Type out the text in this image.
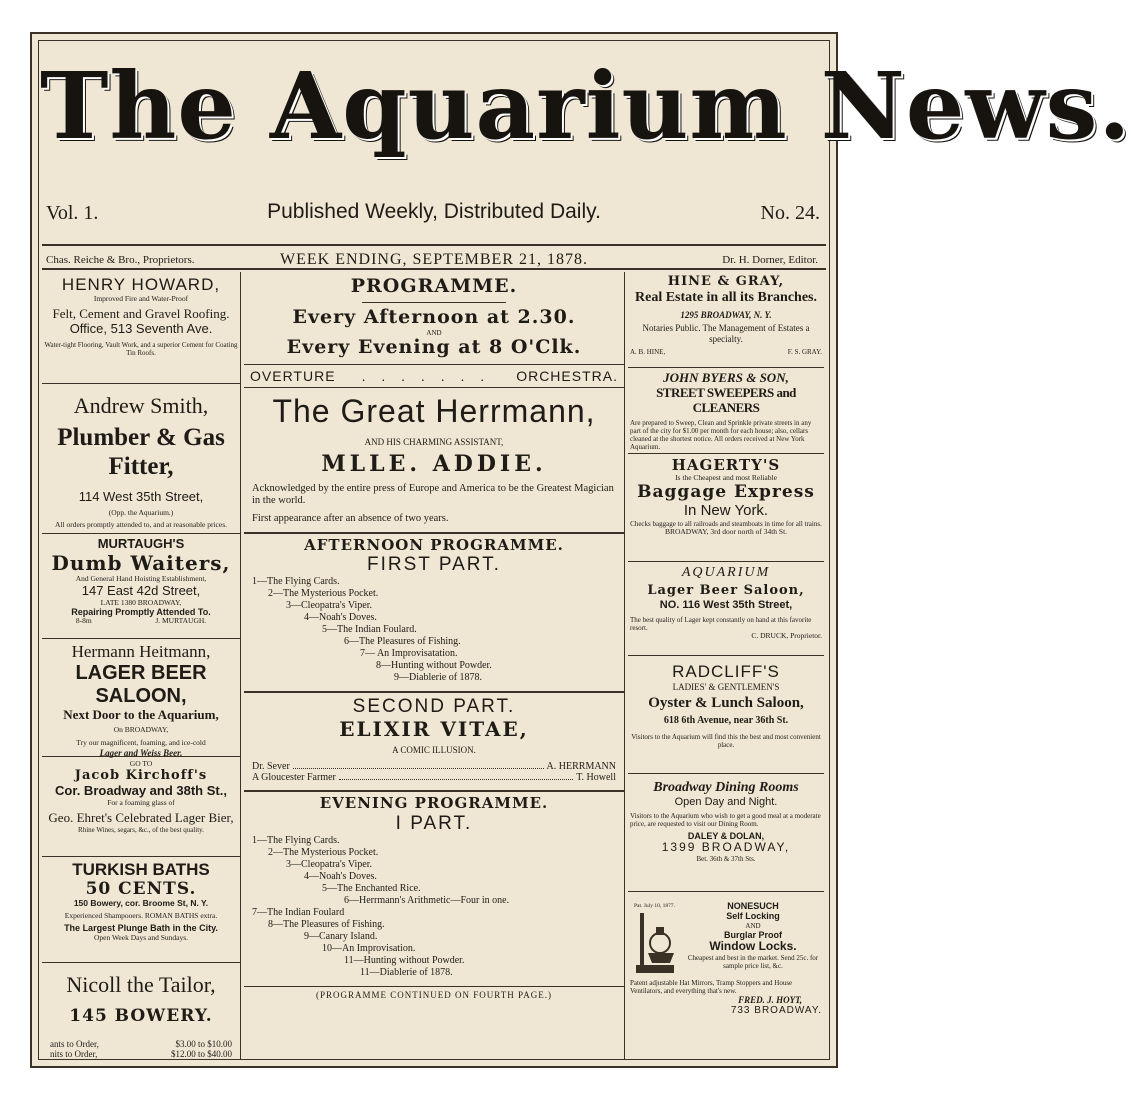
The Aquarium News.
Vol. 1.	Published Weekly, Distributed Daily.	No. 24.
Chas. Reiche & Bro., Proprietors.	WEEK ENDING, SEPTEMBER 21, 1878.	Dr. H. Dorner, Editor.
HENRY HOWARD,
Improved Fire and Water-Proof
Felt, Cement and Gravel Roofing.
Office, 513 Seventh Ave.
Water-tight Flooring, Vault Work, and a superior Cement for Coating Tin Roofs.
Andrew Smith,
Plumber & Gas Fitter,
114 West 35th Street,
(Opp. the Aquarium.)
All orders promptly attended to, and at reasonable prices.
MURTAUGH'S
Dumb Waiters,
And General Hand Hoisting Establishment,
147 East 42d Street,
LATE 1380 BROADWAY,
Repairing Promptly Attended To.
8-8m	J. MURTAUGH.
Hermann Heitmann,
LAGER BEER SALOON,
Next Door to the Aquarium,
On BROADWAY,
Try our magnificent, foaming, and ice-cold
Lager and Weiss Beer.
GO TO
Jacob Kirchoff's
Cor. Broadway and 38th St.,
For a foaming glass of
Geo. Ehret's Celebrated Lager Bier,
Rhine Wines, segars, &c., of the best quality.
TURKISH BATHS
50 CENTS.
150 Bowery, cor. Broome St, N. Y.
Experienced Shampooers. ROMAN BATHS extra.
The Largest Plunge Bath in the City.
Open Week Days and Sundays.
Nicoll the Tailor,
145 BOWERY.
ants to Order,	$3.00 to $10.00
nits to Order,	$12.00 to $40.00
PROGRAMME.
Every Afternoon at 2.30.
AND
Every Evening at 8 O'Clk.
OVERTURE . . . . . . . ORCHESTRA.
The Great Herrmann,
AND HIS CHARMING ASSISTANT,
MLLE. ADDIE.
Acknowledged by the entire press of Europe and America to be the Greatest Magician in the world.
First appearance after an absence of two years.
AFTERNOON PROGRAMME.
FIRST PART.
1—The Flying Cards.
2—The Mysterious Pocket.
3—Cleopatra's Viper.
4—Noah's Doves.
5—The Indian Foulard.
6—The Pleasures of Fishing.
7— An Improvisatation.
8—Hunting without Powder.
9—Diablerie of 1878.
SECOND PART.
ELIXIR VITAE,
A COMIC ILLUSION.
Dr. Sever	A. HERRMANN
A Gloucester Farmer	T. Howell
EVENING PROGRAMME.
I PART.
1—The Flying Cards.
2—The Mysterious Pocket.
3—Cleopatra's Viper.
4—Noah's Doves.
5—The Enchanted Rice.
6—Herrmann's Arithmetic—Four in one.
7—The Indian Foulard
8—The Pleasures of Fishing.
9—Canary Island.
10—An Improvisation.
11—Hunting without Powder.
11—Diablerie of 1878.
(PROGRAMME CONTINUED ON FOURTH PAGE.)
HINE & GRAY,
Real Estate in all its Branches.
1295 BROADWAY, N. Y.
Notaries Public. The Management of Estates a specialty.
A. B. HINE,	F. S. GRAY.
JOHN BYERS & SON,
STREET SWEEPERS and CLEANERS
Are prepared to Sweep, Clean and Sprinkle private streets in any part of the city for $1.00 per month for each house; also, cellars cleaned at the shortest notice. All orders received at New York Aquarium.
HAGERTY'S
Is the Cheapest and most Reliable
Baggage Express
In New York.
Checks baggage to all railroads and steamboats in time for all trains.
BROADWAY, 3rd door north of 34th St.
AQUARIUM
Lager Beer Saloon,
NO. 116 West 35th Street,
The best quality of Lager kept constantly on hand at this favorite resort.
C. DRUCK, Proprietor.
RADCLIFF'S
LADIES' & GENTLEMEN'S
Oyster & Lunch Saloon,
618 6th Avenue, near 36th St.
Visitors to the Aquarium will find this the best and most convenient place.
Broadway Dining Rooms
Open Day and Night.
Visitors to the Aquarium who wish to get a good meal at a moderate price, are requested to visit our Dining Room.
DALEY & DOLAN,
1399 BROADWAY,
Bet. 36th & 37th Sts.
Pat. July 10, 1877.	NONESUCH
Self Locking
AND
Burglar Proof
Window Locks.
Cheapest and best in the market. Send 25c. for sample price list, &c.
Patent adjustable Hat Mirrors, Tramp Stoppers and House Ventilators, and everything that's new.
FRED. J. HOYT,
733 BROADWAY.
